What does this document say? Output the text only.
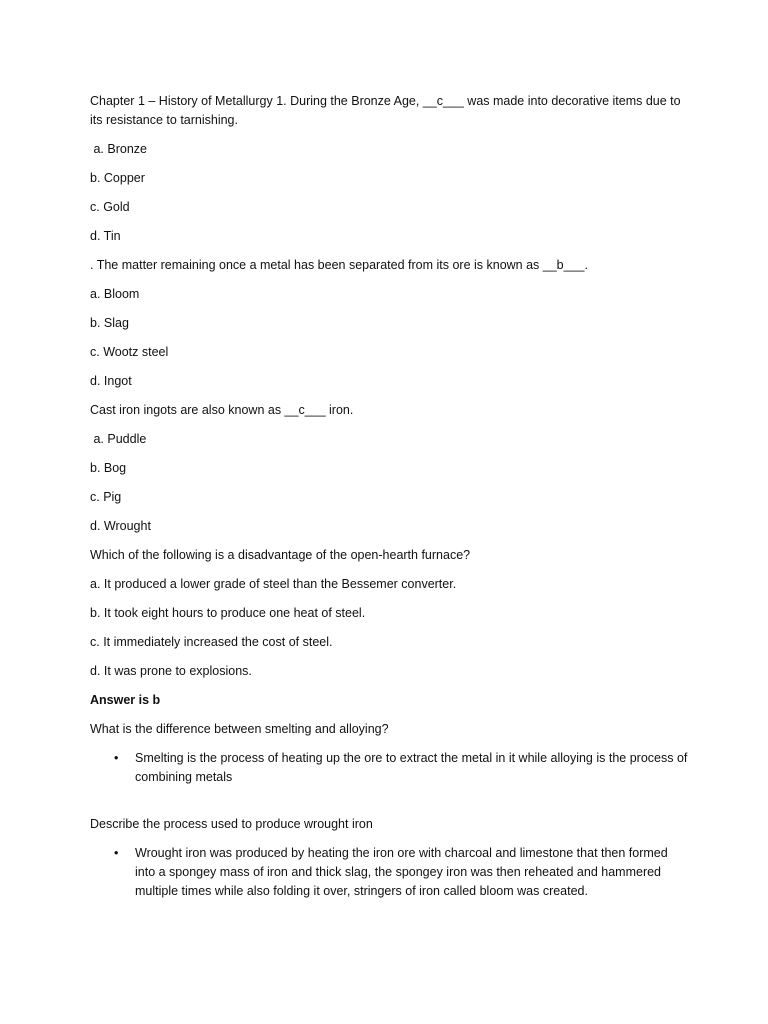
Chapter 1 – History of Metallurgy 1. During the Bronze Age, __c___ was made into decorative items due to its resistance to tarnishing.

a. Bronze

b. Copper

c. Gold

d. Tin

. The matter remaining once a metal has been separated from its ore is known as __b___.

a. Bloom

b. Slag

c. Wootz steel

d. Ingot

Cast iron ingots are also known as __c___ iron.

a. Puddle

b. Bog

c. Pig

d. Wrought

Which of the following is a disadvantage of the open-hearth furnace?

a. It produced a lower grade of steel than the Bessemer converter.

b. It took eight hours to produce one heat of steel.

c. It immediately increased the cost of steel.

d. It was prone to explosions.

Answer is b

What is the difference between smelting and alloying?

• Smelting is the process of heating up the ore to extract the metal in it while alloying is the process of combining metals

Describe the process used to produce wrought iron

• Wrought iron was produced by heating the iron ore with charcoal and limestone that then formed into a spongey mass of iron and thick slag, the spongey iron was then reheated and hammered multiple times while also folding it over, stringers of iron called bloom was created.
